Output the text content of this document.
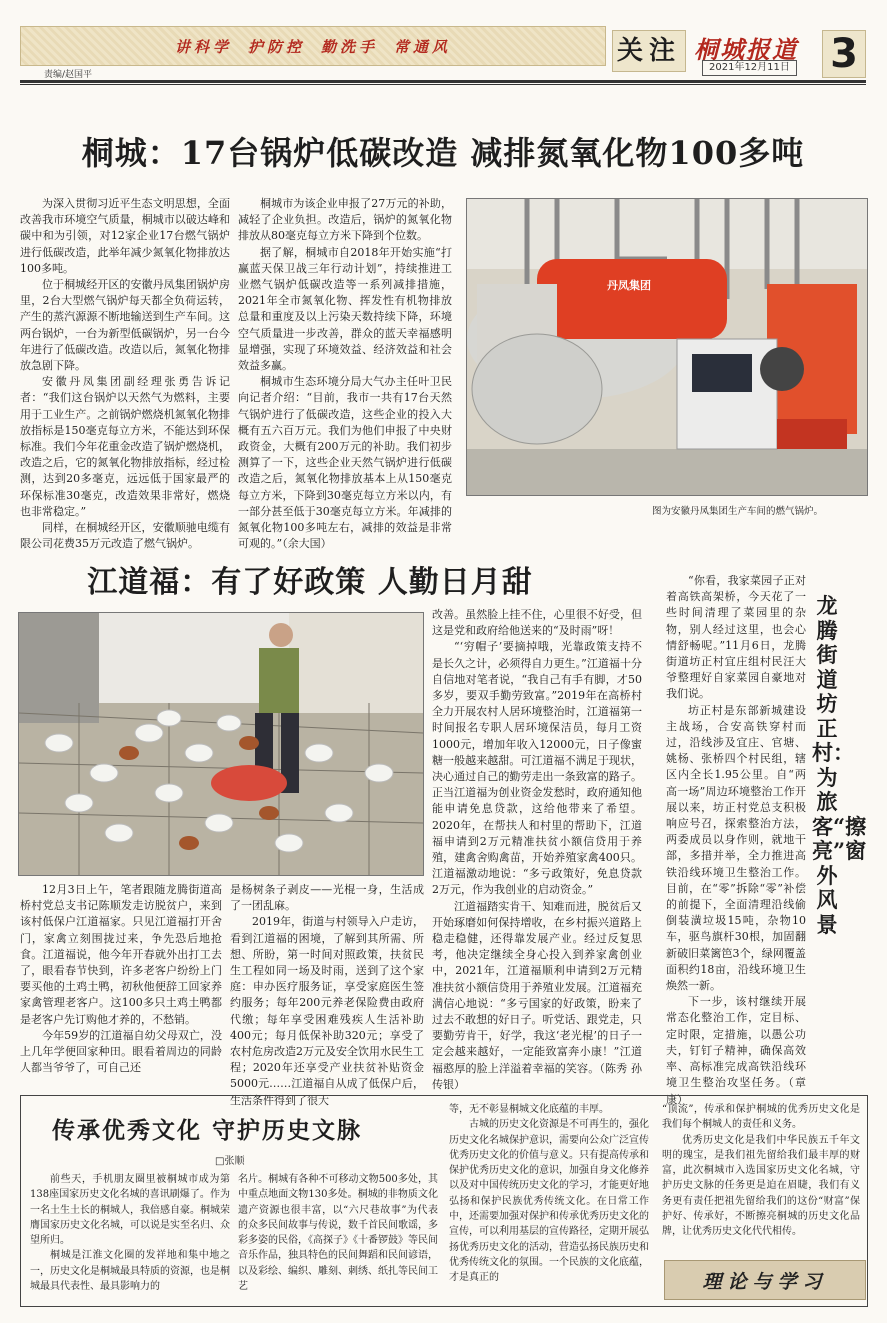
讲科学 护防控 勤洗手 常通风
责编/赵国平
关注 桐城报道
2021年12月11日 3
桐城：17台锅炉低碳改造 减排氮氧化物100多吨

为深入贯彻习近平生态文明思想，全面改善我市环境空气质量，桐城市以破达峰和碳中和为引领，对12家企业17台燃气锅炉进行低碳改造，此举年减少氮氧化物排放达100多吨。

位于桐城经开区的安徽丹凤集团锅炉房里，2台大型燃气锅炉每天都全负荷运转，产生的蒸汽源源不断地输送到生产车间。这两台锅炉，一台为新型低碳锅炉，另一台今年进行了低碳改造。改造以后，氮氧化物排放急剧下降。

安徽丹凤集团副经理张勇告诉记者：“我们这台锅炉以天然气为燃料，主要用于工业生产。之前锅炉燃烧机氮氧化物排放指标是150毫克每立方米，不能达到环保标准。我们今年花重金改造了锅炉燃烧机，改造之后，它的氮氧化物排放指标，经过检测，达到20多毫克，远远低于国家最严的环保标准30毫克，改造效果非常好，燃烧也非常稳定。”

同样，在桐城经开区，安徽顺驰电缆有限公司花费35万元改造了燃气锅炉。

桐城市为该企业申报了27万元的补助，减轻了企业负担。改造后，锅炉的氮氧化物排放从80毫克每立方米下降到个位数。

据了解，桐城市自2018年开始实施“打赢蓝天保卫战三年行动计划”，持续推进工业燃气锅炉低碳改造等一系列减排措施，2021年全市氮氧化物、挥发性有机物排放总量和重度及以上污染天数持续下降，环境空气质量进一步改善，群众的蓝天幸福感明显增强，实现了环境效益、经济效益和社会效益多赢。

桐城市生态环境分局大气办主任叶卫民向记者介绍：“目前，我市一共有17台天然气锅炉进行了低碳改造，这些企业的投入大概有五六百万元。我们为他们申报了中央财政资金，大概有200万元的补助。我们初步测算了一下，这些企业天然气锅炉进行低碳改造之后，氮氧化物排放基本上从150毫克每立方米，下降到30毫克每立方米以内，有一部分甚至低于30毫克每立方米。年减排的氮氧化物100多吨左右，减排的效益是非常可观的。”（余大国）

丹凤集团
图为安徽丹凤集团生产车间的燃气锅炉。
江道福：有了好政策 人勤日月甜

12月3日上午，笔者跟随龙腾街道高桥村党总支书记陈顺发走访脱贫户，来到该村低保户江道福家。只见江道福打开舍门，家禽立刻围拢过来，争先恐后地抢食。江道福说，他今年开春就外出打工去了，眼看春节快到，许多老客户纷纷上门要买他的土鸡土鸭，初秋他便辞工回家养家禽管理老客户。这100多只土鸡土鸭都是老客户先订购他才养的，不愁销。

今年59岁的江道福自幼父母双亡，没上几年学便回家种田。眼看着周边的同龄人都当爷爷了，可自己还

是杨树条子剥皮——光棍一身，生活成了一团乱麻。

2019年，街道与村领导入户走访，看到江道福的困境，了解到其所需、所想、所盼，第一时间对照政策，扶贫民生工程如同一场及时雨，送到了这个家庭：申办医疗服务证，享受家庭医生签约服务；每年200元养老保险费由政府代缴；每年享受困难残疾人生活补助400元；每月低保补助320元；享受了农村危房改造2万元及安全饮用水民生工程；2020年还享受产业扶贫补贴资金5000元……江道福自从成了低保户后，生活条件得到了很大

改善。虽然脸上挂不住，心里很不好受，但这是党和政府给他送来的“及时雨”呀！

“‘穷帽子’要摘掉哦，光靠政策支持不是长久之计，必须得自力更生。”江道福十分自信地对笔者说，“我自己有手有脚，才50多岁，要双手勤劳致富。”2019年在高桥村全力开展农村人居环境整治时，江道福第一时间报名专职人居环境保洁员，每月工资1000元，增加年收入12000元，日子像蜜糖一般越来越甜。可江道福不满足于现状，决心通过自己的勤劳走出一条致富的路子。正当江道福为创业资金发愁时，政府通知他能申请免息贷款，这给他带来了希望。2020年，在帮扶人和村里的帮助下，江道福申请到2万元精准扶贫小额信贷用于养殖，建禽舍购禽苗，开始养殖家禽400只。江道福激动地说：“多亏政策好，免息贷款2万元，作为我创业的启动资金。”

江道福踏实肯干、知难而进，脱贫后又开始琢磨如何保持增收，在乡村振兴道路上稳走稳健，还得靠发展产业。经过反复思考，他决定继续全身心投入到养家禽创业中，2021年，江道福顺利申请到2万元精准扶贫小额信贷用于养殖业发展。江道福充满信心地说：“多亏国家的好政策，盼来了过去不敢想的好日子。听党话、跟党走，只要勤劳肯干，好学，我这‘老光棍’的日子一定会越来越好，一定能致富奔小康！”江道福憨厚的脸上洋溢着幸福的笑容。（陈秀 孙传银）

龙腾街道坊正村：为旅客“擦亮”窗外风景

“你看，我家菜园子正对着高铁高架桥，今天花了一些时间清理了菜园里的杂物，别人经过这里，也会心情舒畅呢。”11月6日，龙腾街道坊正村宜庄组村民汪大爷整理好自家菜园自豪地对我们说。

坊正村是东部新城建设主战场，合安高铁穿村而过，沿线涉及宜庄、官塘、姚杨、张桥四个村民组，辖区内全长1.95公里。自“两高一场”周边环境整治工作开展以来，坊正村党总支积极响应号召，探索整治方法，两委成员以身作则，就地干部，多措并举，全力推进高铁沿线环境卫生整治工作。目前，在“零”拆除“零”补偿的前提下，全面清理沿线偷倒装潢垃圾15吨，杂物10车，驱鸟旗杆30根，加固翻新破旧菜篱笆3个，绿网覆盖面积约18亩，沿线环境卫生焕然一新。

下一步，该村继续开展常态化整治工作，定目标、定时限，定措施，以愚公功夫，钉钉子精神，确保高效率、高标准完成高铁沿线环境卫生整治攻坚任务。（章康）

传承优秀文化 守护历史文脉
□张顺

前些天，手机朋友圈里被桐城市成为第138座国家历史文化名城的喜讯刷爆了。作为一名土生土长的桐城人，我倍感自豪。桐城荣膺国家历史文化名城，可以说是实至名归、众望所归。

桐城是江淮文化圈的发祥地和集中地之一，历史文化是桐城最具特质的资源，也是桐城最具代表性、最具影响力的

名片。桐城有各种不可移动文物500多处，其中重点地面文物130多处。桐城的非物质文化遗产资源也很丰富，以“六尺巷故事”为代表的众多民间故事与传说，数千首民间歌谣，多彩多姿的民俗，《高探子》《十番锣鼓》等民间音乐作品，独具特色的民间舞蹈和民间谚语，以及彩绘、编织、雕刻、刺绣、纸扎等民间工艺

等，无不彰显桐城文化底蕴的丰厚。

古城的历史文化资源是不可再生的，强化历史文化名城保护意识，需要向公众广泛宣传优秀历史文化的价值与意义。只有提高传承和保护优秀历史文化的意识，加强自身文化修养以及对中国传统历史文化的学习，才能更好地弘扬和保护民族优秀传统文化。在日常工作中，还需要加强对保护和传承优秀历史文化的宣传，可以利用基层的宣传路径，定期开展弘扬优秀历史文化的活动，营造弘扬民族历史和优秀传统文化的氛围。一个民族的文化底蕴，才是真正的

“顶流”，传承和保护桐城的优秀历史文化是我们每个桐城人的责任和义务。

优秀历史文化是我们中华民族五千年文明的瑰宝，是我们祖先留给我们最丰厚的财富，此次桐城市入选国家历史文化名城，守护历史文脉的任务更是迫在眉睫，我们有义务更有责任把祖先留给我们的这份“财富”保护好、传承好，不断擦亮桐城的历史文化品牌，让优秀历史文化代代相传。

理论与学习
